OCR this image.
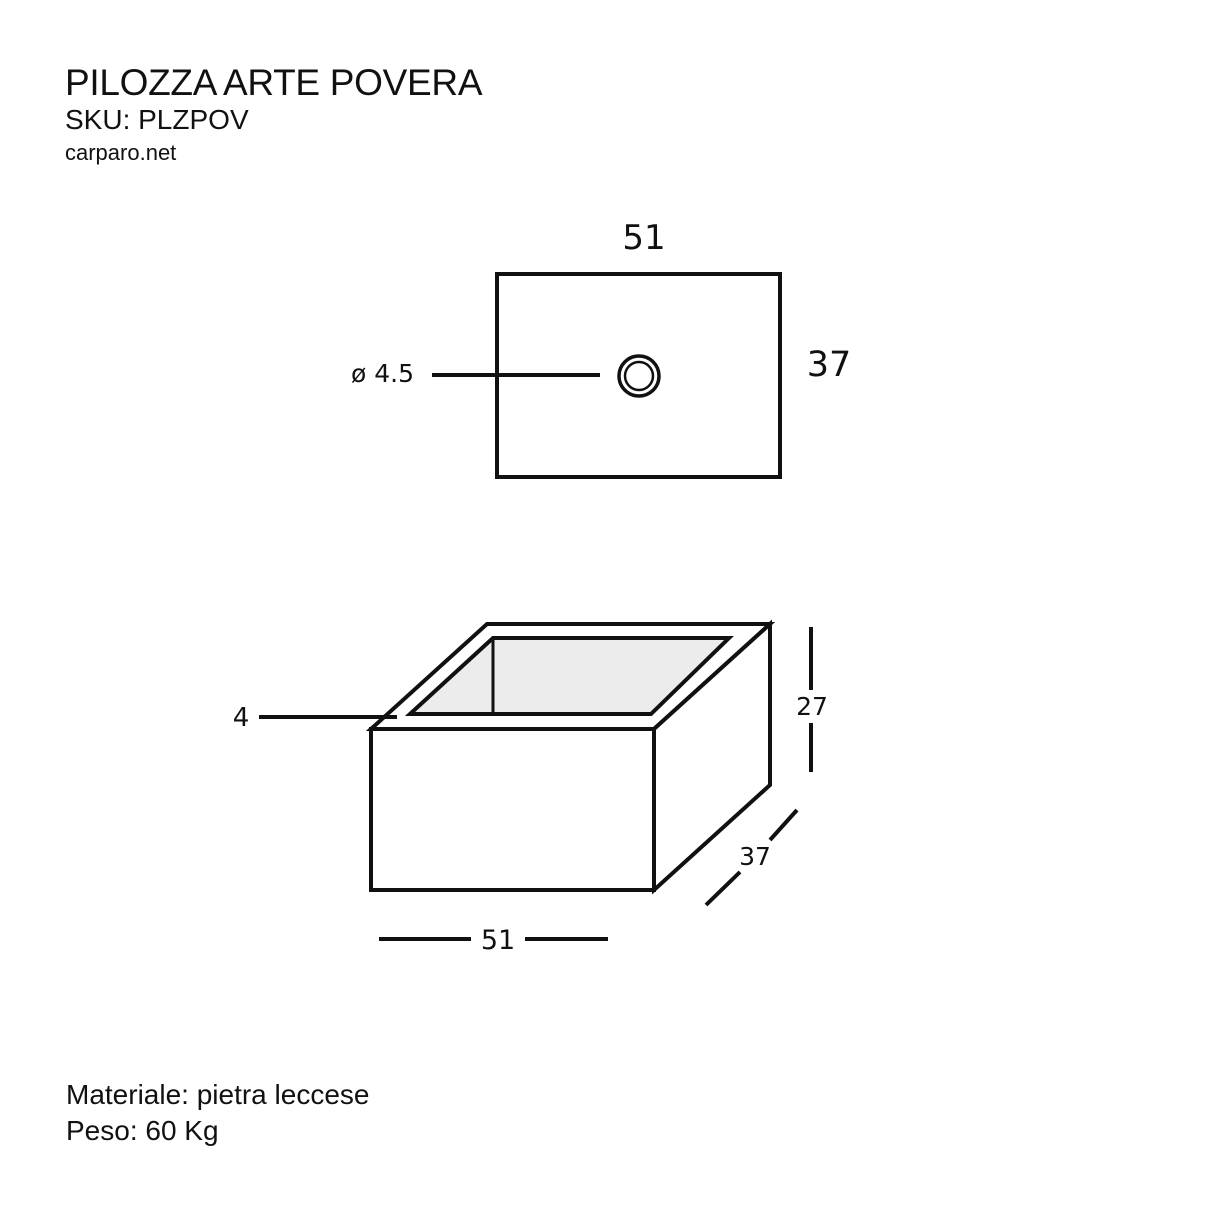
PILOZZA ARTE POVERA

SKU: PLZPOV

carparo.net

51
37
ø 4.5
4	27
37
51

Materiale: pietra leccese

Peso: 60 Kg
